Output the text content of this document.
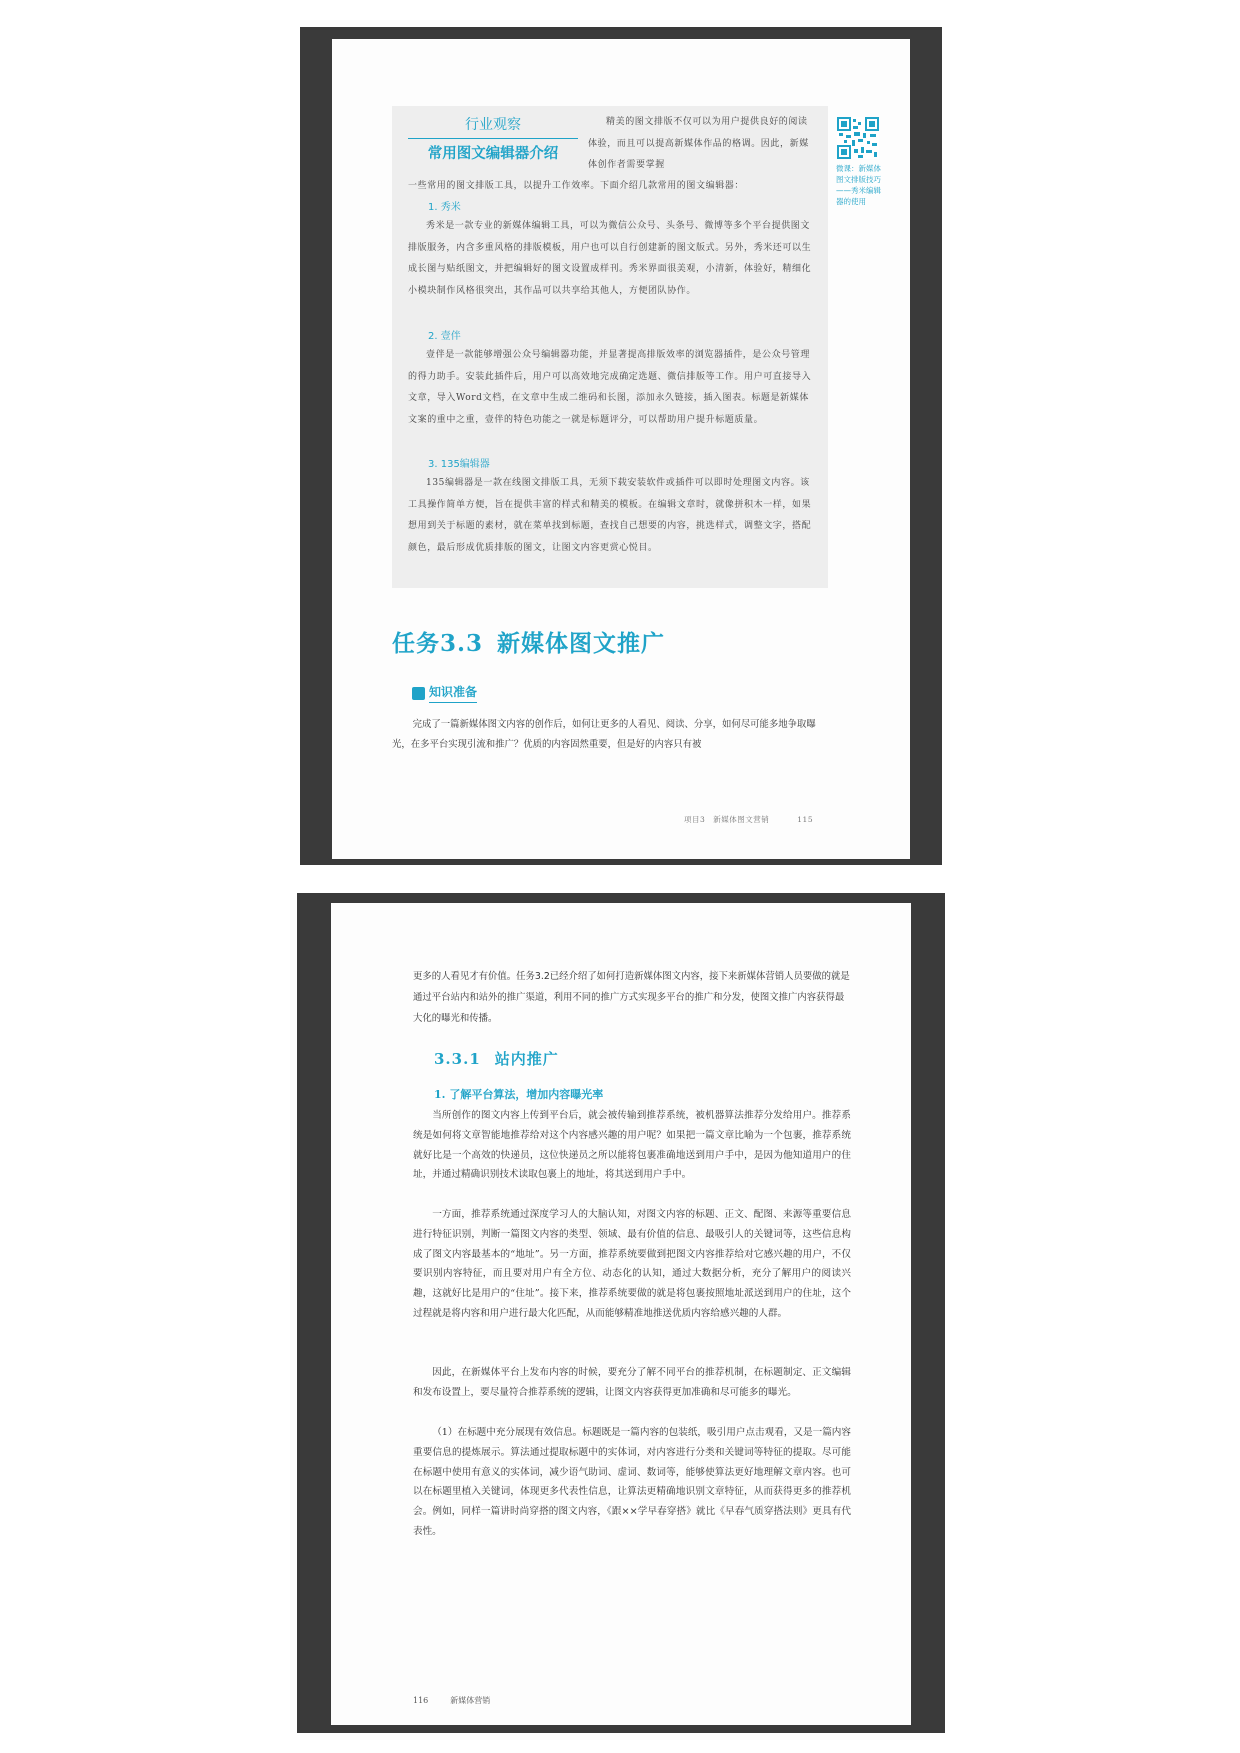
行业观察
常用图文编辑器介绍
精美的图文排版不仅可以为用户提供良好的阅读体验，而且可以提高新媒体作品的格调。因此，新媒体创作者需要掌握
一些常用的图文排版工具，以提升工作效率。下面介绍几款常用的图文编辑器：
1. 秀米
秀米是一款专业的新媒体编辑工具，可以为微信公众号、头条号、微博等多个平台提供图文排版服务，内含多重风格的排版模板，用户也可以自行创建新的图文版式。另外，秀米还可以生成长图与贴纸图文，并把编辑好的图文设置成样刊。秀米界面很美观，小清新，体验好，精细化小模块制作风格很突出，其作品可以共享给其他人，方便团队协作。
2. 壹伴
壹伴是一款能够增强公众号编辑器功能，并显著提高排版效率的浏览器插件，是公众号管理的得力助手。安装此插件后，用户可以高效地完成确定选题、微信排版等工作。用户可直接导入文章，导入Word文档，在文章中生成二维码和长图，添加永久链接，插入图表。标题是新媒体文案的重中之重，壹伴的特色功能之一就是标题评分，可以帮助用户提升标题质量。
3. 135编辑器
135编辑器是一款在线图文排版工具，无须下载安装软件或插件可以即时处理图文内容。该工具操作简单方便，旨在提供丰富的样式和精美的模板。在编辑文章时，就像拼积木一样，如果想用到关于标题的素材，就在菜单找到标题，查找自己想要的内容，挑选样式，调整文字，搭配颜色，最后形成优质排版的图文，让图文内容更赏心悦目。
微课：新媒体图文排版技巧——秀米编辑器的使用
任务3.3 新媒体图文推广
知识准备
完成了一篇新媒体图文内容的创作后，如何让更多的人看见、阅读、分享，如何尽可能多地争取曝光，在多平台实现引流和推广？优质的内容固然重要，但是好的内容只有被
项目3　新媒体图文营销	115
更多的人看见才有价值。任务3.2已经介绍了如何打造新媒体图文内容，接下来新媒体营销人员要做的就是通过平台站内和站外的推广渠道，利用不同的推广方式实现多平台的推广和分发，使图文推广内容获得最大化的曝光和传播。
3.3.1 站内推广
1. 了解平台算法，增加内容曝光率
当所创作的图文内容上传到平台后，就会被传输到推荐系统，被机器算法推荐分发给用户。推荐系统是如何将文章智能地推荐给对这个内容感兴趣的用户呢？如果把一篇文章比喻为一个包裹，推荐系统就好比是一个高效的快递员，这位快递员之所以能将包裹准确地送到用户手中，是因为他知道用户的住址，并通过精确识别技术读取包裹上的地址，将其送到用户手中。
一方面，推荐系统通过深度学习人的大脑认知，对图文内容的标题、正文、配图、来源等重要信息进行特征识别，判断一篇图文内容的类型、领域、最有价值的信息、最吸引人的关键词等，这些信息构成了图文内容最基本的“地址”。另一方面，推荐系统要做到把图文内容推荐给对它感兴趣的用户，不仅要识别内容特征，而且要对用户有全方位、动态化的认知，通过大数据分析，充分了解用户的阅读兴趣，这就好比是用户的“住址”。接下来，推荐系统要做的就是将包裹按照地址派送到用户的住址，这个过程就是将内容和用户进行最大化匹配，从而能够精准地推送优质内容给感兴趣的人群。
因此，在新媒体平台上发布内容的时候，要充分了解不同平台的推荐机制，在标题制定、正文编辑和发布设置上，要尽量符合推荐系统的逻辑，让图文内容获得更加准确和尽可能多的曝光。
（1）在标题中充分展现有效信息。标题既是一篇内容的包装纸，吸引用户点击观看，又是一篇内容重要信息的提炼展示。算法通过提取标题中的实体词，对内容进行分类和关键词等特征的提取。尽可能在标题中使用有意义的实体词，减少语气助词、虚词、数词等，能够使算法更好地理解文章内容。也可以在标题里植入关键词，体现更多代表性信息，让算法更精确地识别文章特征，从而获得更多的推荐机会。例如，同样一篇讲时尚穿搭的图文内容，《跟××学早春穿搭》就比《早春气质穿搭法则》更具有代表性。
116	新媒体营销
